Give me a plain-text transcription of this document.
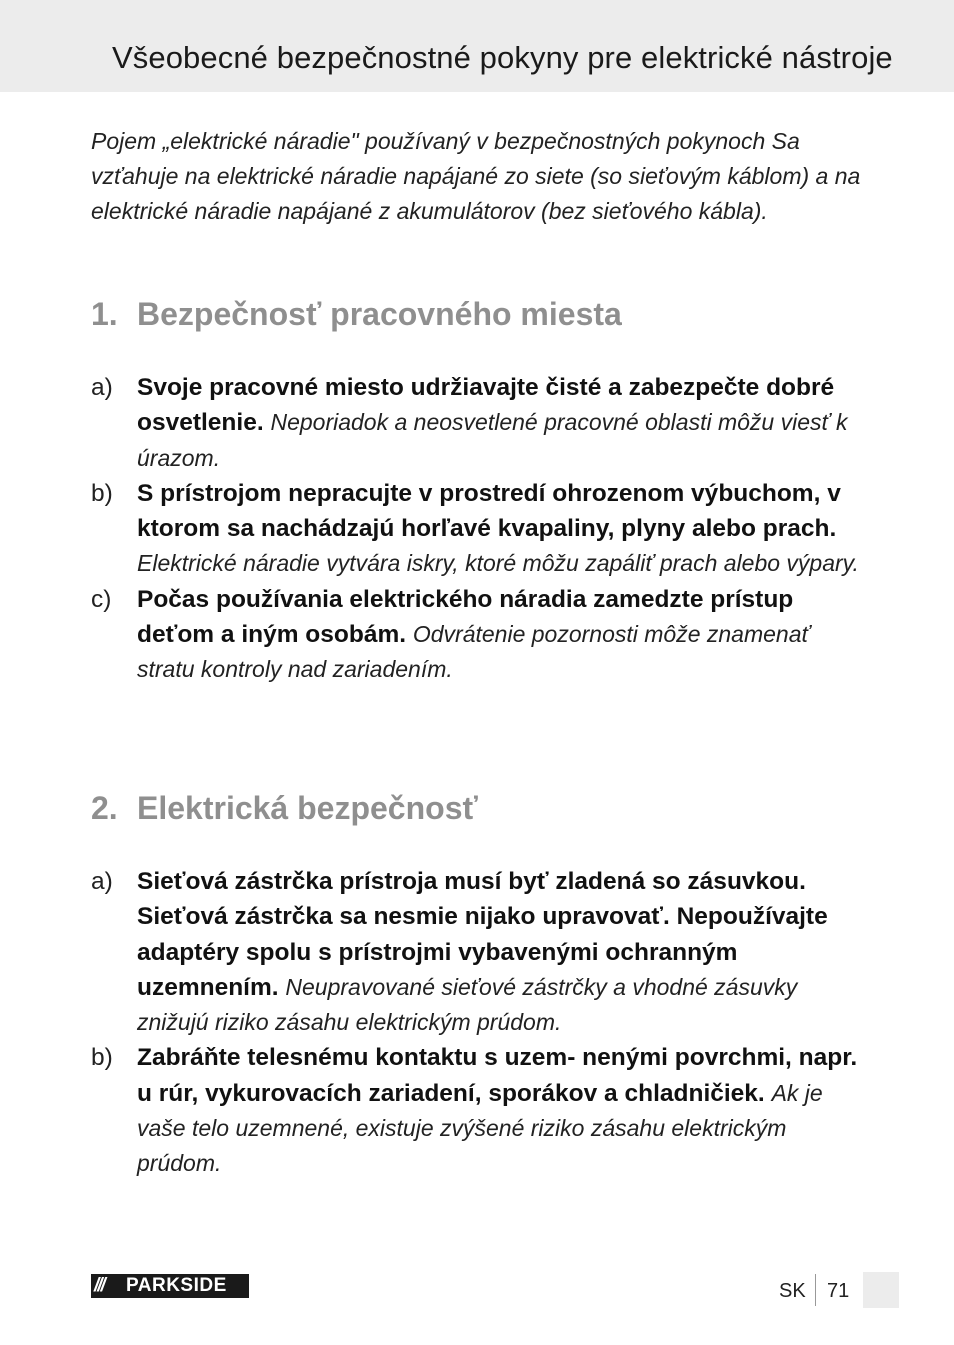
Všeobecné bezpečnostné pokyny pre elektrické nástroje
Pojem „elektrické náradie" používaný v bezpečnostných pokynoch Sa vzťahuje na elektrické náradie napájané zo siete (so sieťovým káblom) a na elektrické náradie napájané z akumulátorov (bez sieťového kábla).
1. Bezpečnosť pracovného miesta
a) Svoje pracovné miesto udržiavajte čisté a zabezpečte dobré osvetlenie. Neporiadok a neosvetlené pracovné oblasti môžu viesť k úrazom.
b) S prístrojom nepracujte v prostredí ohrozenom výbuchom, v ktorom sa nachádzajú horľavé kvapaliny, plyny alebo prach. Elektrické náradie vytvára iskry, ktoré môžu zapáliť prach alebo výpary.
c) Počas používania elektrického náradia zamedzte prístup deťom a iným osobám. Odvrátenie pozornosti môže znamenať stratu kontroly nad zariadením.
2. Elektrická bezpečnosť
a) Sieťová zástrčka prístroja musí byť zladená so zásuvkou. Sieťová zástrčka sa nesmie nijako upravovať. Nepoužívajte adaptéry spolu s prístrojmi vybavenými ochranným uzemnením. Neupravované sieťové zástrčky a vhodné zásuvky znižujú riziko zásahu elektrickým prúdom.
b) Zabráňte telesnému kontaktu s uzem- nenými povrchmi, napr. u rúr, vykurovacích zariadení, sporákov a chladničiek. Ak je vaše telo uzemnené, existuje zvýšené riziko zásahu elektrickým prúdom.
///	PARKSIDE	SK 71
